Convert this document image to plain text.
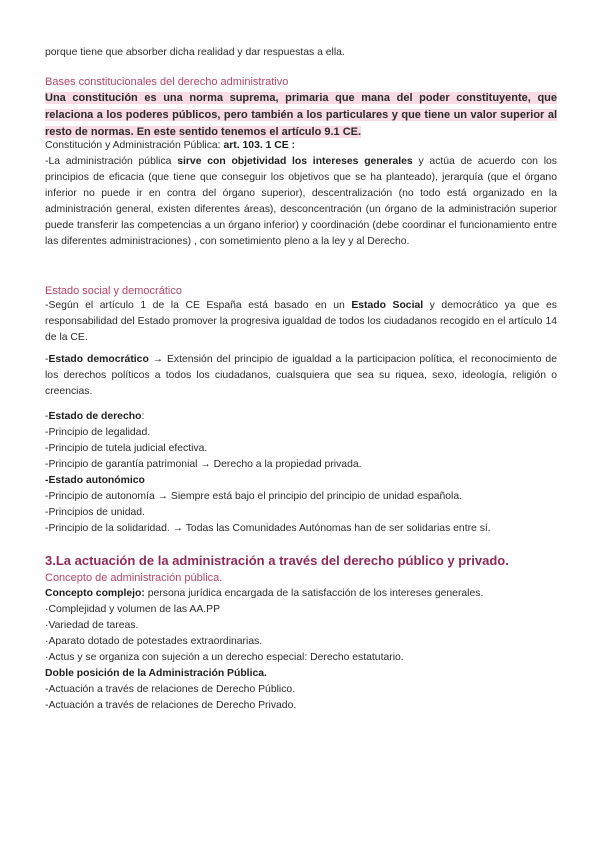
porque tiene que absorber dicha realidad y dar respuestas a ella.

Bases constitucionales del derecho administrativo

Una constitución es una norma suprema, primaria que mana del poder constituyente, que relaciona a los poderes públicos, pero también a los particulares y que tiene un valor superior al resto de normas. En este sentido tenemos el artículo 9.1 CE.

Constitución y Administración Pública: art. 103. 1 CE :

-La administración pública sirve con objetividad los intereses generales y actúa de acuerdo con los principios de eficacia (que tiene que conseguir los objetivos que se ha planteado), jerarquía (que el órgano inferior no puede ir en contra del órgano superior), descentralización (no todo está organizado en la administración general, existen diferentes áreas), desconcentración (un órgano de la administración superior puede transferir las competencias a un órgano inferior) y coordinación (debe coordinar el funcionamiento entre las diferentes administraciones) , con sometimiento pleno a la ley y al Derecho.

Estado social y democrático

-Según el artículo 1 de la CE España está basado en un Estado Social y democrático ya que es responsabilidad del Estado promover la progresiva igualdad de todos los ciudadanos recogido en el artículo 14 de la CE.

-Estado democrático → Extensión del principio de igualdad a la participacion política, el reconocimiento de los derechos políticos a todos los ciudadanos, cualsquiera que sea su riquea, sexo, ideología, religión o creencias.

-Estado de derecho:

-Principio de legalidad.

-Principio de tutela judicial efectiva.

-Principio de garantía patrimonial → Derecho a la propiedad privada.

-Estado autonómico

-Principio de autonomía → Siempre está bajo el principio del principio de unidad española.

-Principios de unidad.

-Principio de la solidaridad. → Todas las Comunidades Autónomas han de ser solidarias entre sí.

3.La actuación de la administración a través del derecho público y privado.

Concepto de administración pública.

Concepto complejo: persona jurídica encargada de la satisfacción de los intereses generales.

·Complejidad y volumen de las AA.PP

·Variedad de tareas.

·Aparato dotado de potestades extraordinarias.

·Actus y se organiza con sujeción a un derecho especial: Derecho estatutario.

Doble posición de la Administración Pública.

-Actuación a través de relaciones de Derecho Público.

-Actuación a través de relaciones de Derecho Privado.
